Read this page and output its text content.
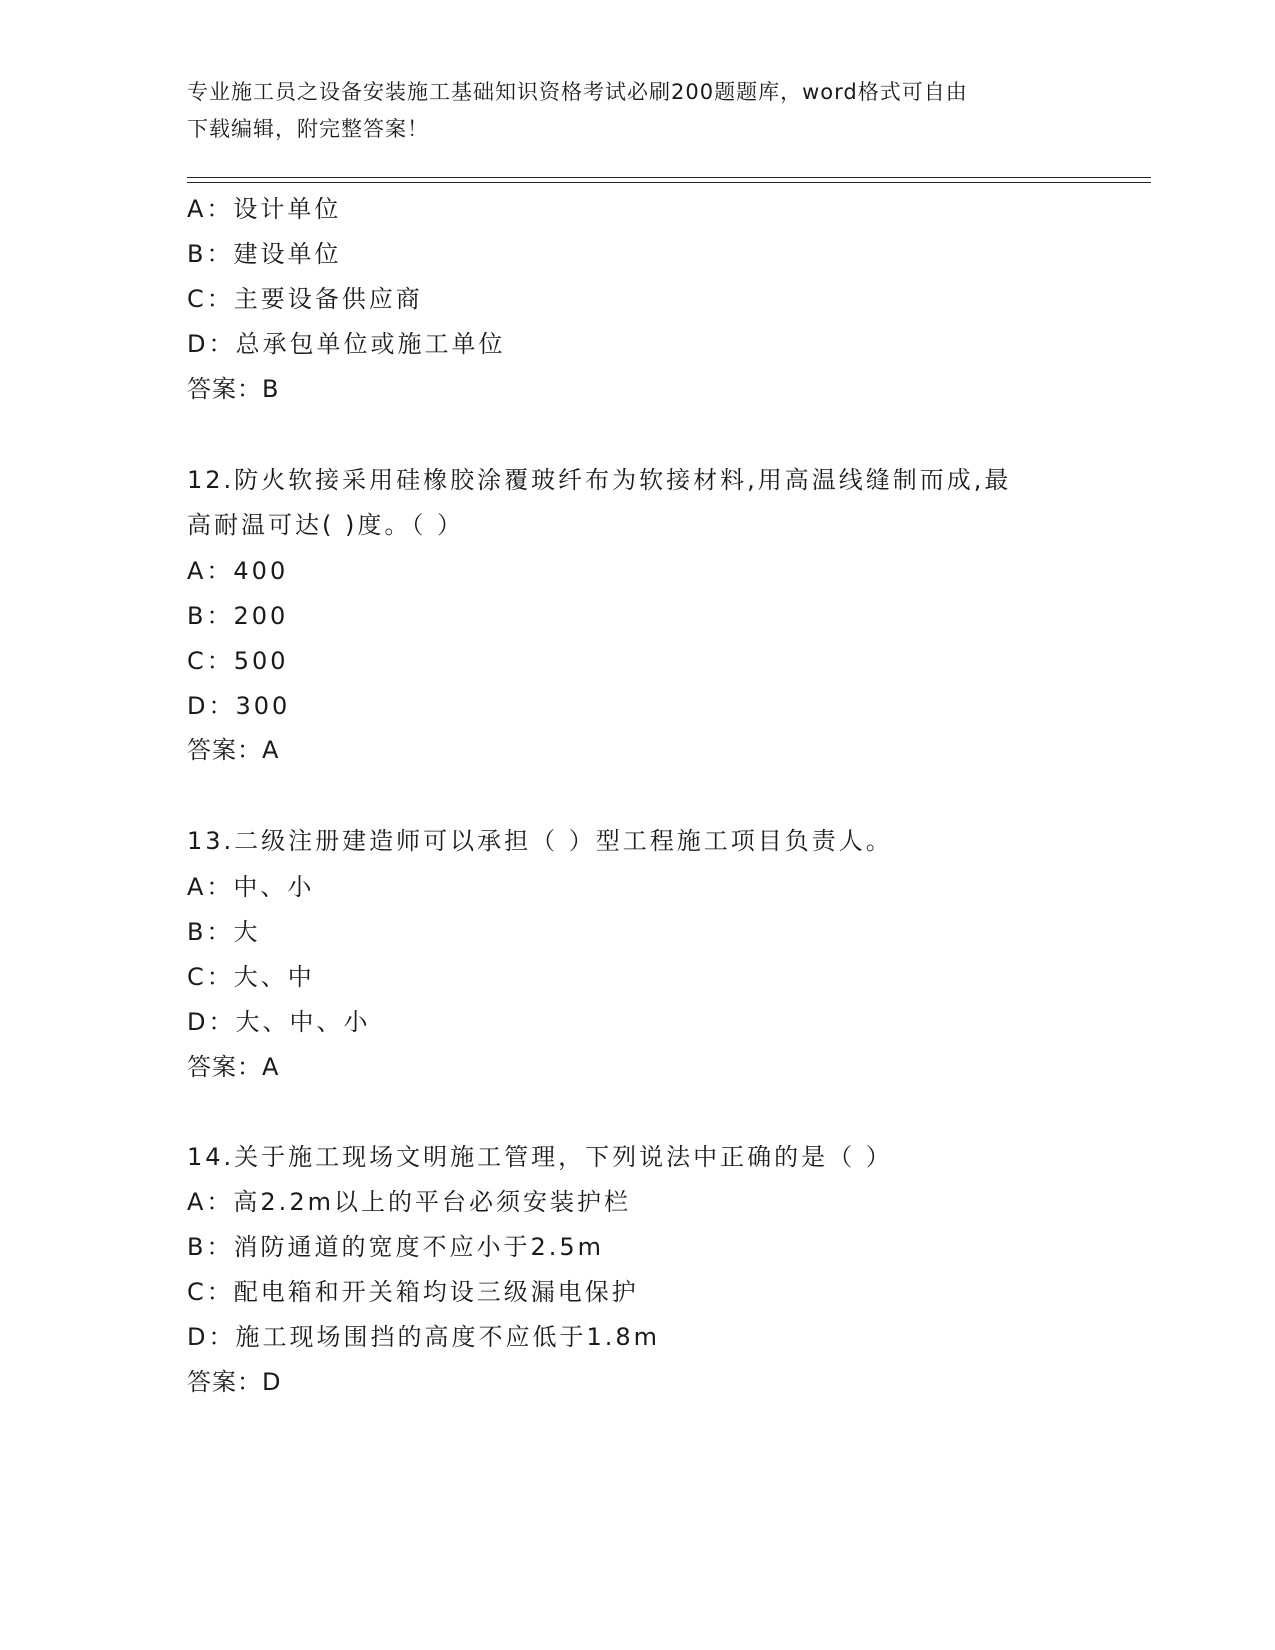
专业施工员之设备安装施工基础知识资格考试必刷200题题库，word格式可自由
下载编辑，附完整答案！
A：设计单位
B：建设单位
C：主要设备供应商
D：总承包单位或施工单位
答案：B
12.防火软接采用硅橡胶涂覆玻纤布为软接材料,用高温线缝制而成,最
高耐温可达( )度。（ ）
A：400
B：200
C：500
D：300
答案：A
13.二级注册建造师可以承担（ ）型工程施工项目负责人。
A：中、小
B：大
C：大、中
D：大、中、小
答案：A
14.关于施工现场文明施工管理，下列说法中正确的是（ ）
A：高2.2m以上的平台必须安装护栏
B：消防通道的宽度不应小于2.5m
C：配电箱和开关箱均设三级漏电保护
D：施工现场围挡的高度不应低于1.8m
答案：D
